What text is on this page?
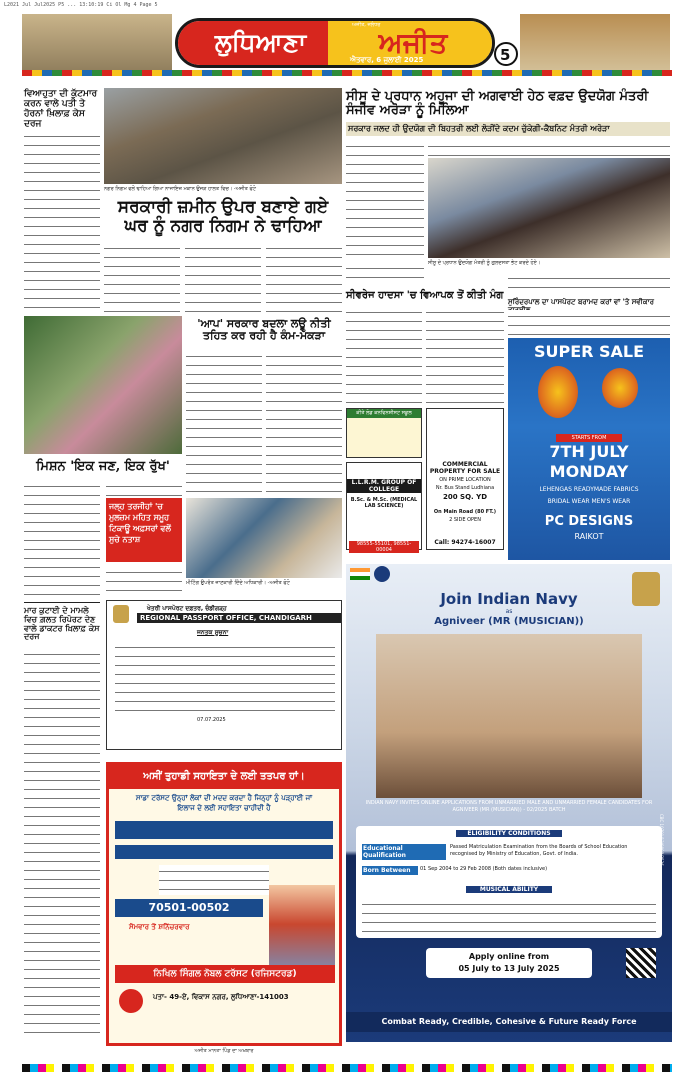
L2021 Jul Jul2025 P5 ... 13:10:19 Ci Ol Mg 4 Page 5
ਲੁਧਿਆਣਾ	ਅਜੀਤ
ਅਜੀਤ, ਜਲੰਧਰ
ਐਤਵਾਰ, 6 ਜੁਲਾਈ 2025	5
ਵਿਆਹੁਤਾ ਦੀ ਕੁੱਟਮਾਰ ਕਰਨ ਵਾਲੇ ਪਤੀ ਤੇ ਹੋਰਨਾਂ ਖ਼ਿਲਾਫ਼ ਕੇਸ ਦਰਜ
ਮਿਸ਼ਨ 'ਇਕ ਜਣ, ਇਕ ਰੁੱਖ'
ਮਾਰ ਕੁਟਾਈ ਦੇ ਮਾਮਲੇ ਵਿਚ ਗ਼ਲਤ ਰਿਪੋਰਟ ਦੇਣ ਵਾਲੇ ਡਾਕਟਰ ਖ਼ਿਲਾਫ਼ ਕੇਸ ਦਰਜ
ਨਗਰ ਨਿਗਮ ਵਲੋਂ ਢਾਹਿਆ ਗਿਆ ਨਾਜਾਇਜ਼ ਮਕਾਨ ਉਜੜ ਹਾਲਤ ਵਿਚ। -ਅਜੀਤ ਫੋਟੋ
ਸਰਕਾਰੀ ਜ਼ਮੀਨ ਉਪਰ ਬਣਾਏ ਗਏ ਘਰ ਨੂੰ ਨਗਰ ਨਿਗਮ ਨੇ ਢਾਹਿਆ
'ਆਪ' ਸਰਕਾਰ ਬਦਲਾ ਲਊ ਨੀਤੀ ਤਹਿਤ ਕਰ ਰਹੀ ਹੈ ਕੰਮ-ਮੱਕੜਾ
ਜਲ੍ਹ ਤਰਜੀਹਾਂ 'ਚ ਮੁਲਜ਼ਮ ਮਹਿਤ ਸਮੂਹ ਟਿਕਾਊ ਅਫ਼ਸਰਾਂ ਵਲੋਂ ਸੁਚੇ ਨਤਾਸ਼
ਮੀਟਿੰਗ ਉਪਰੰਤ ਜਾਣਕਾਰੀ ਦਿੰਦੇ ਅਧਿਕਾਰੀ। -ਅਜੀਤ ਫੋਟੋ
ਖੇਤਰੀ ਪਾਸਪੋਰਟ ਦਫ਼ਤਰ, ਚੰਡੀਗੜ੍ਹ
REGIONAL PASSPORT OFFICE, CHANDIGARH
ਜਨਤਕ ਸੂਚਨਾ
07.07.2025
ਅਸੀਂ ਤੁਹਾਡੀ ਸਹਾਇਤਾ ਦੇ ਲਈ ਤਤਪਰ ਹਾਂ।
ਸਾਡਾ ਟਰੱਸਟ ਉਨ੍ਹਾਂ ਲੋਕਾਂ ਦੀ ਮਦਦ ਕਰਦਾ ਹੈ ਜਿਨ੍ਹਾਂ ਨੂੰ ਪੜ੍ਹਾਈ ਜਾਂ ਇਲਾਜ ਦੇ ਲਈ ਸਹਾਇਤਾ ਚਾਹੀਦੀ ਹੈ
70501-00502
ਸੋਮਵਾਰ ਤੋਂ ਸ਼ਨਿੱਚਰਵਾਰ
ਨਿਖਿਲ ਸਿੰਗਲ ਨੋਬਲ ਟਰੱਸਟ (ਰਜਿਸਟਰਡ)
ਪਤਾ- 49-ਏ, ਵਿਕਾਸ ਨਗਰ, ਲੁਧਿਆਣਾ-141003
ਸੀਸੂ ਦੇ ਪ੍ਰਧਾਨ ਅਹੂਜਾ ਦੀ ਅਗਵਾਈ ਹੇਠ ਵਫ਼ਦ ਉਦਯੋਗ ਮੰਤਰੀ ਸੰਜੀਵ ਅਰੋੜਾ ਨੂੰ ਮਿਲਿਆ
ਸਰਕਾਰ ਜਲਦ ਹੀ ਉਦਯੋਗ ਦੀ ਬਿਹਤਰੀ ਲਈ ਲੋੜੀਂਦੇ ਕਦਮ ਚੁੱਕੇਗੀ-ਕੈਬਨਿਟ ਮੰਤਰੀ ਅਰੋੜਾ
ਸੀਸੂ ਦੇ ਪ੍ਰਧਾਨ ਉਦਯੋਗ ਮੰਤਰੀ ਨੂੰ ਗੁਲਦਸਤਾ ਭੇਟ ਕਰਦੇ ਹੋਏ।
ਸੀਵਰੇਜ ਹਾਦਸਾ 'ਚ ਵਿਆਪਕ ਤੋਂ ਕੀਤੀ ਮੰਗ
ਸੁਰਿੰਦਰਪਾਲ ਦਾ ਪਾਸਪੋਰਟ ਬਰਾਮਦ ਕਰਾਂ ਵਾਂ 'ਤੇ ਸਵੀਕਾਰ
ਕੀਤੇ ਲੋਡ ਕਨਵਿਨਸ਼ੀਸਟ ਸਕੂਲ
L.L.R.M. GROUP OF COLLEGE
B.Sc. & M.Sc. (MEDICAL LAB SCIENCE)
98555-55101, 98551-00004
COMMERCIAL PROPERTY FOR SALE
ON PRIME LOCATION
Nr. Bus Stand Ludhiana
200 SQ. YD
On Main Road (80 FT.)
2 SIDE OPEN
Call: 94274-16007
SUPER SALE
STARTS FROM
7TH JULY
MONDAY
LEHENGAS READYMADE FABRICS
BRIDAL WEAR MEN'S WEAR
PC DESIGNS
RAIKOT
Join Indian Navy
as
Agniveer (MR (MUSICIAN))
INDIAN NAVY INVITES ONLINE APPLICATIONS FROM UNMARRIED MALE AND UNMARRIED FEMALE CANDIDATES FOR AGNIVEER (MR (MUSICIAN)) - 02/2025 BATCH
ELIGIBILITY CONDITIONS
Educational Qualification
Passed Matriculation Examination from the Boards of School Education recognised by Ministry of Education, Govt. of India.
Born Between	01 Sep 2004 to 29 Feb 2008 (Both dates inclusive)
MUSICAL ABILITY
Apply online from
05 July to 13 July 2025
Combat Ready, Credible, Cohesive & Future Ready Force
CBC 10701/13/0008/2526
ਅਜੀਤ ਮਾਨਤਾ ਪਿੰਡ ਦਾ ਅਖ਼ਬਾਰ
